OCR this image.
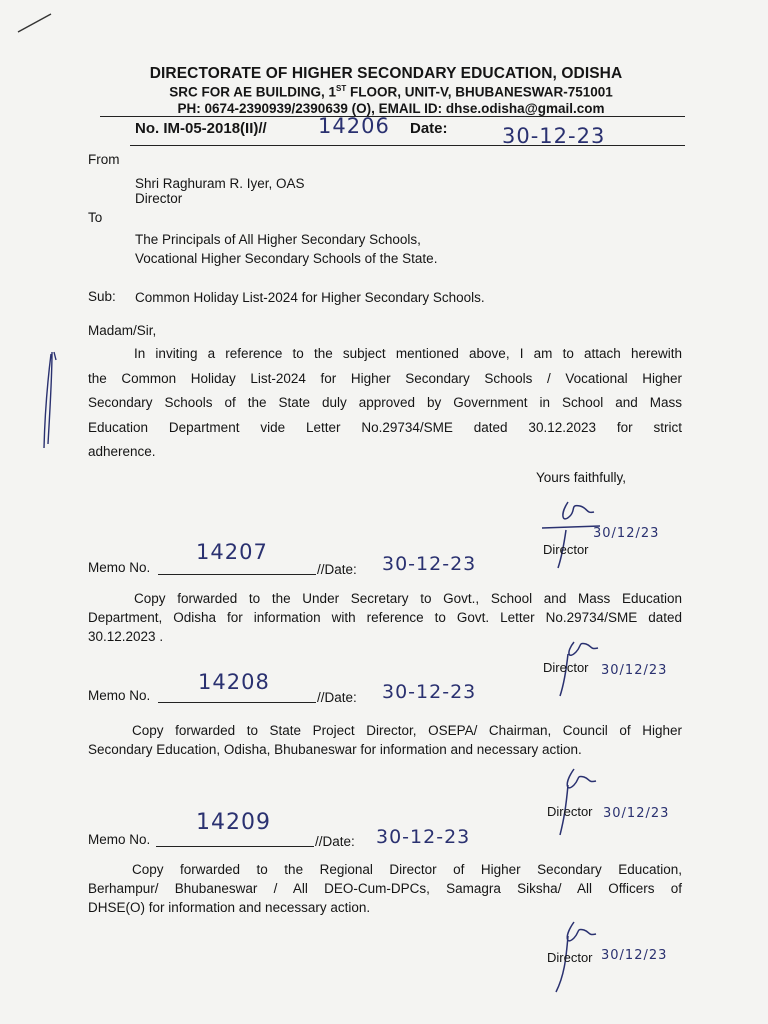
DIRECTORATE OF HIGHER SECONDARY EDUCATION, ODISHA
SRC FOR AE BUILDING, 1ST FLOOR, UNIT-V, BHUBANESWAR-751001
PH: 0674-2390939/2390639 (O), EMAIL ID: dhse.odisha@gmail.com
No. IM-05-2018(II)// 14206 Date:	30-12-23
From
Shri Raghuram R. Iyer, OAS
Director
To
The Principals of All Higher Secondary Schools,
Vocational Higher Secondary Schools of the State.
Sub: Common Holiday List-2024 for Higher Secondary Schools.
Madam/Sir,
In inviting a reference to the subject mentioned above, I am to attach herewith
the Common Holiday List-2024 for Higher Secondary Schools / Vocational Higher
Secondary Schools of the State duly approved by Government in School and Mass
Education Department vide Letter No.29734/SME dated 30.12.2023 for strict
adherence.
Yours faithfully,
Director
30/12/23
Memo No.
14207
//Date: 30-12-23
Copy forwarded to the Under Secretary to Govt., School and Mass Education
Department, Odisha for information with reference to Govt. Letter No.29734/SME dated
30.12.2023 .
Director 30/12/23
Memo No.
14208
//Date: 30-12-23
Copy forwarded to State Project Director, OSEPA/ Chairman, Council of Higher
Secondary Education, Odisha, Bhubaneswar for information and necessary action.
Director 30/12/23
Memo No.
14209
//Date: 30-12-23
Copy forwarded to the Regional Director of Higher Secondary Education,
Berhampur/ Bhubaneswar / All DEO-Cum-DPCs, Samagra Siksha/ All Officers of
DHSE(O) for information and necessary action.
Director 30/12/23
